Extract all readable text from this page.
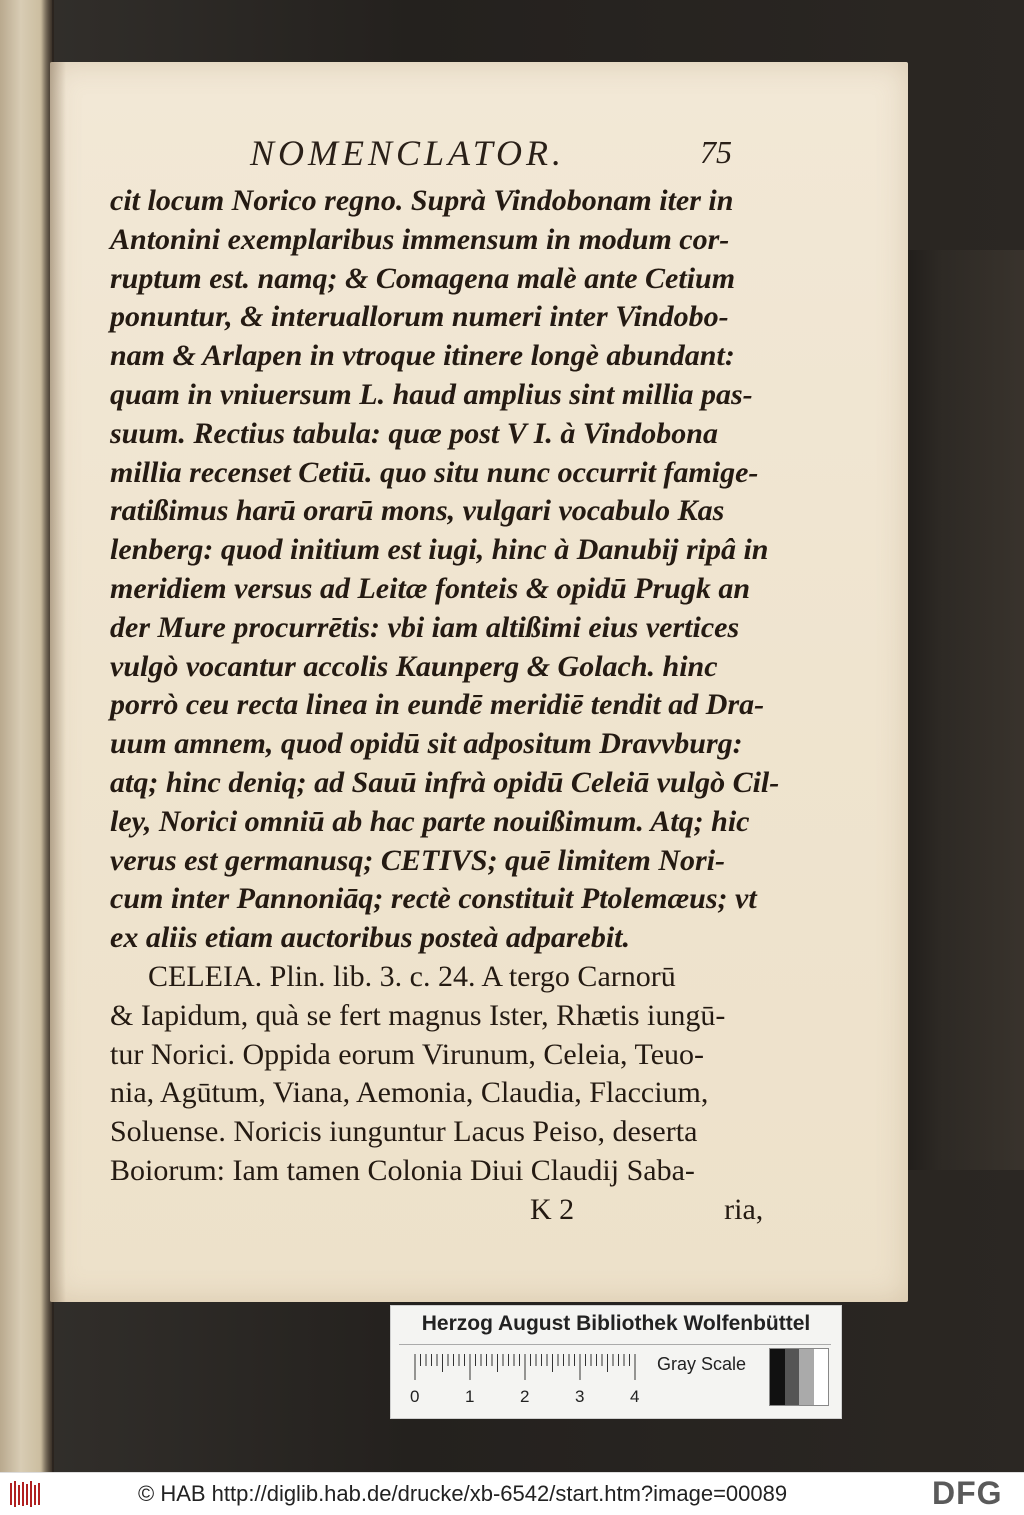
NOMENCLATOR.	75
cit locum Norico regno. Suprà Vindobonam iter in
Antonini exemplaribus immensum in modum cor-
ruptum est. namq; & Comagena malè ante Cetium
ponuntur, & interuallorum numeri inter Vindobo-
nam & Arlapen in vtroque itinere longè abundant:
quam in vniuersum L. haud amplius sint millia pas-
suum. Rectius tabula: quæ post V I. à Vindobona
millia recenset Cetiū. quo situ nunc occurrit famige-
ratißimus harū orarū mons, vulgari vocabulo Kas
lenberg: quod initium est iugi, hinc à Danubij ripâ in
meridiem versus ad Leitæ fonteis & opidū Prugk an
der Mure procurrētis: vbi iam altißimi eius vertices
vulgò vocantur accolis Kaunperg & Golach. hinc
porrò ceu recta linea in eundē meridiē tendit ad Dra-
uum amnem, quod opidū sit adpositum Dravvburg:
atq; hinc deniq; ad Sauū infrà opidū Celeiā vulgò Cil-
ley, Norici omniū ab hac parte nouißimum. Atq; hic
verus est germanusq; CETIVS; quē limitem Nori-
cum inter Pannoniāq; rectè constituit Ptolemæus; vt
ex aliis etiam auctoribus posteà adparebit.
CELEIA. Plin. lib. 3. c. 24. A tergo Carnorū
& Iapidum, quà se fert magnus Ister, Rhætis iungū-
tur Norici. Oppida eorum Virunum, Celeia, Teuo-
nia, Agūtum, Viana, Aemonia, Claudia, Flaccium,
Soluense. Noricis iunguntur Lacus Peiso, deserta
Boiorum: Iam tamen Colonia Diui Claudij Saba-
K 2                    ria,
Herzog August Bibliothek Wolfenbüttel
0	1	2	3	4
Gray Scale
© HAB http://diglib.hab.de/drucke/xb-6542/start.htm?image=00089	DFG
